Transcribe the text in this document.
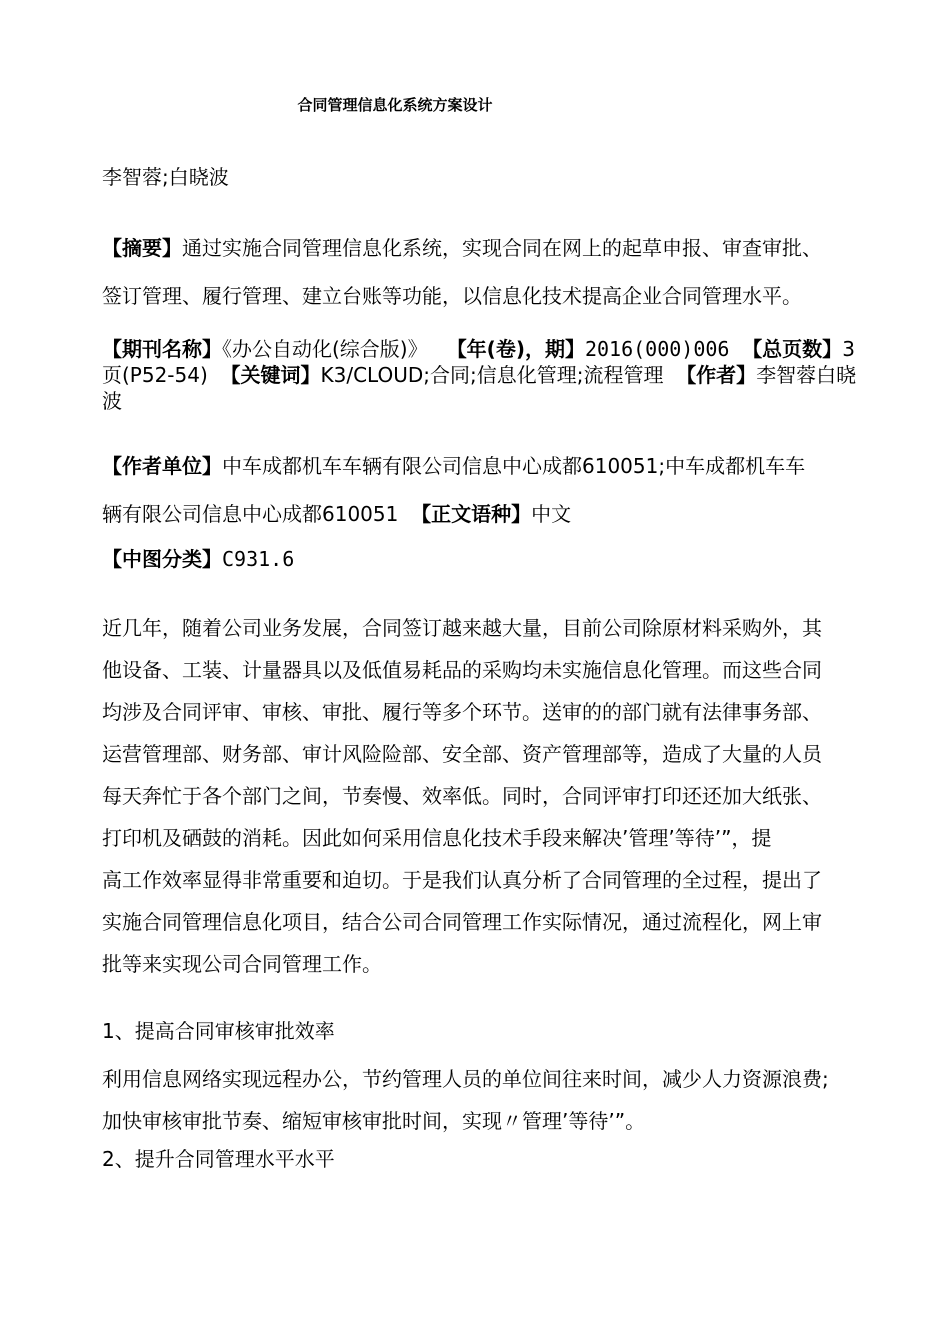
合同管理信息化系统方案设计
李智蓉;白晓波
【摘要】通过实施合同管理信息化系统，实现合同在网上的起草申报、审查审批、
签订管理、履行管理、建立台账等功能，以信息化技术提高企业合同管理水平。
【期刊名称】《办公自动化(综合版)》 【年(卷)，期】2016(000)006 【总页数】3
页(P52-54) 【关键词】K3/CLOUD;合同;信息化管理;流程管理 【作者】李智蓉白晓
波
【作者单位】中车成都机车车辆有限公司信息中心成都610051;中车成都机车车
辆有限公司信息中心成都610051 【正文语种】中文
【中图分类】C931.6
近几年，随着公司业务发展，合同签订越来越大量，目前公司除原材料采购外，其
他设备、工装、计量器具以及低值易耗品的采购均未实施信息化管理。而这些合同
均涉及合同评审、审核、审批、履行等多个环节。送审的的部门就有法律事务部、
运营管理部、财务部、审计风险险部、安全部、资产管理部等，造成了大量的人员
每天奔忙于各个部门之间，节奏慢、效率低。同时，合同评审打印还还加大纸张、
打印机及硒鼓的消耗。因此如何采用信息化技术手段来解决’管理’等待’”，提
高工作效率显得非常重要和迫切。于是我们认真分析了合同管理的全过程，提出了
实施合同管理信息化项目，结合公司合同管理工作实际情况，通过流程化，网上审
批等来实现公司合同管理工作。
1、提高合同审核审批效率
利用信息网络实现远程办公，节约管理人员的单位间往来时间，减少人力资源浪费;
加快审核审批节奏、缩短审核审批时间，实现〃管理’等待’”。
2、提升合同管理水平水平
